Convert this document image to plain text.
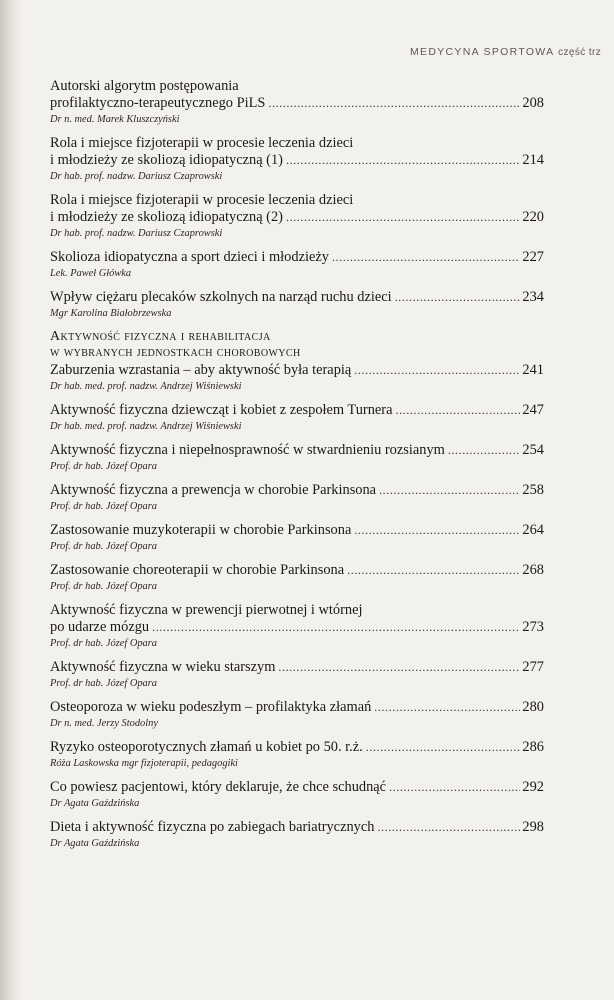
MEDYCYNA SPORTOWA część trz
Autorski algorytm postępowania
profilaktyczno-terapeutycznego PiLS .....	208
Dr n. med. Marek Kluszczyński
Rola i miejsce fizjoterapii w procesie leczenia dzieci
i młodzieży ze skoliozą idiopatyczną (1) .....	214
Dr hab. prof. nadzw. Dariusz Czaprowski
Rola i miejsce fizjoterapii w procesie leczenia dzieci
i młodzieży ze skoliozą idiopatyczną (2) .....	220
Dr hab. prof. nadzw. Dariusz Czaprowski
Skolioza idiopatyczna a sport dzieci i młodzieży .....	227
Lek. Paweł Główka
Wpływ ciężaru plecaków szkolnych na narząd ruchu dzieci .....	234
Mgr Karolina Białobrzewska
Aktywność fizyczna i rehabilitacja
w wybranych jednostkach chorobowych
Zaburzenia wzrastania – aby aktywność była terapią .....	241
Dr hab. med. prof. nadzw. Andrzej Wiśniewski
Aktywność fizyczna dziewcząt i kobiet z zespołem Turnera .....	247
Dr hab. med. prof. nadzw. Andrzej Wiśniewski
Aktywność fizyczna i niepełnosprawność w stwardnieniu rozsianym .....	254
Prof. dr hab. Józef Opara
Aktywność fizyczna a prewencja w chorobie Parkinsona .....	258
Prof. dr hab. Józef Opara
Zastosowanie muzykoterapii w chorobie Parkinsona .....	264
Prof. dr hab. Józef Opara
Zastosowanie choreoterapii w chorobie Parkinsona .....	268
Prof. dr hab. Józef Opara
Aktywność fizyczna w prewencji pierwotnej i wtórnej
po udarze mózgu .....	273
Prof. dr hab. Józef Opara
Aktywność fizyczna w wieku starszym .....	277
Prof. dr hab. Józef Opara
Osteoporoza w wieku podeszłym – profilaktyka złamań .....	280
Dr n. med. Jerzy Stodolny
Ryzyko osteoporotycznych złamań u kobiet po 50. r.ż. .....	286
Róża Laskowska mgr fizjoterapii, pedagogiki
Co powiesz pacjentowi, który deklaruje, że chce schudnąć .....	292
Dr Agata Gaździńska
Dieta i aktywność fizyczna po zabiegach bariatrycznych .....	298
Dr Agata Gaździńska
